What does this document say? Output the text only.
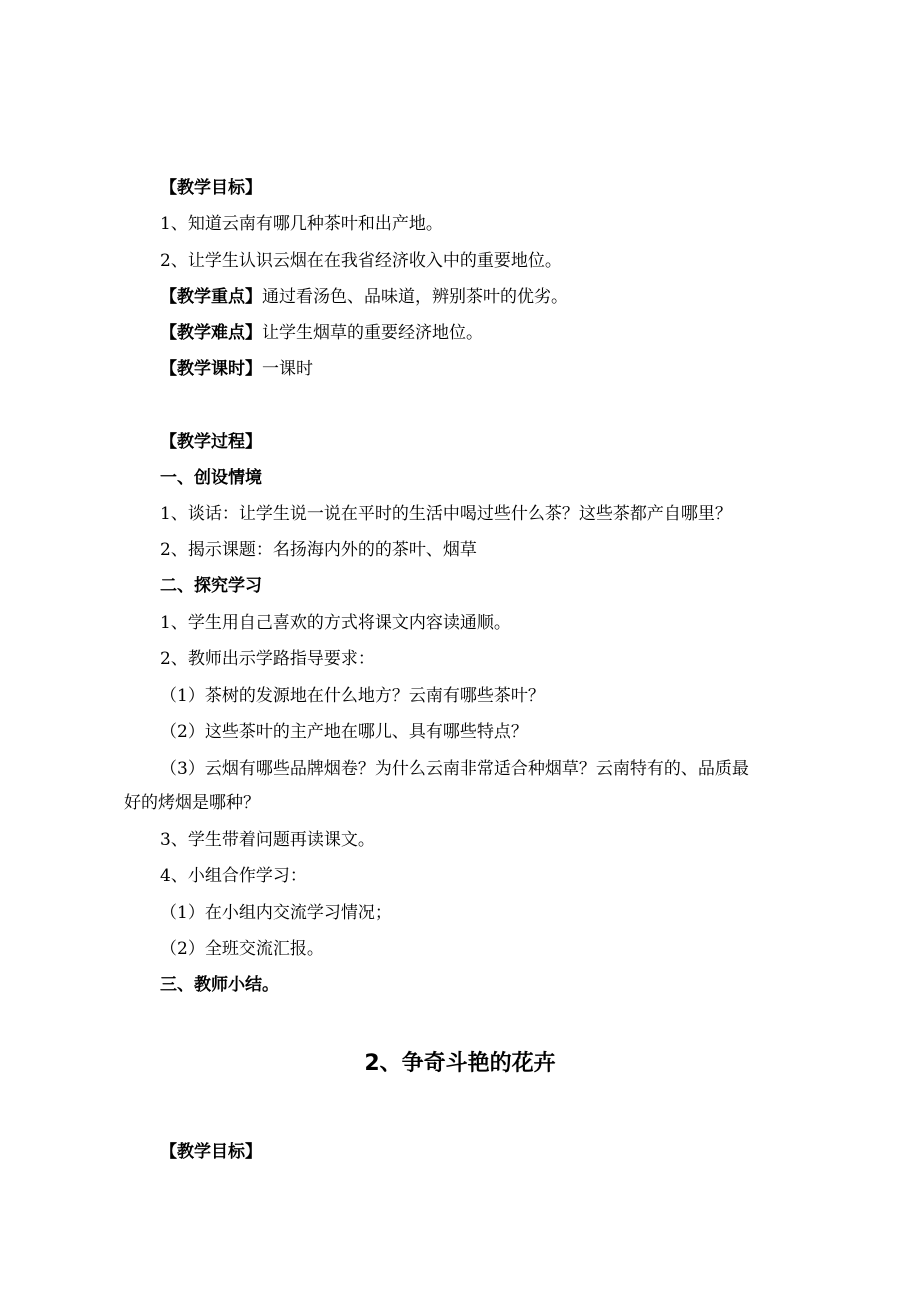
【教学目标】
1、知道云南有哪几种茶叶和出产地。
2、让学生认识云烟在在我省经济收入中的重要地位。
【教学重点】通过看汤色、品味道，辨别茶叶的优劣。
【教学难点】让学生烟草的重要经济地位。
【教学课时】一课时
【教学过程】
一、创设情境
1、谈话：让学生说一说在平时的生活中喝过些什么茶？这些茶都产自哪里？
2、揭示课题：名扬海内外的的茶叶、烟草
二、探究学习
1、学生用自己喜欢的方式将课文内容读通顺。
2、教师出示学路指导要求：
（1）茶树的发源地在什么地方？云南有哪些茶叶？
（2）这些茶叶的主产地在哪儿、具有哪些特点？
（3）云烟有哪些品牌烟卷？为什么云南非常适合种烟草？云南特有的、品质最
好的烤烟是哪种？
3、学生带着问题再读课文。
4、小组合作学习：
（1）在小组内交流学习情况；
（2）全班交流汇报。
三、教师小结。
2、争奇斗艳的花卉
【教学目标】
